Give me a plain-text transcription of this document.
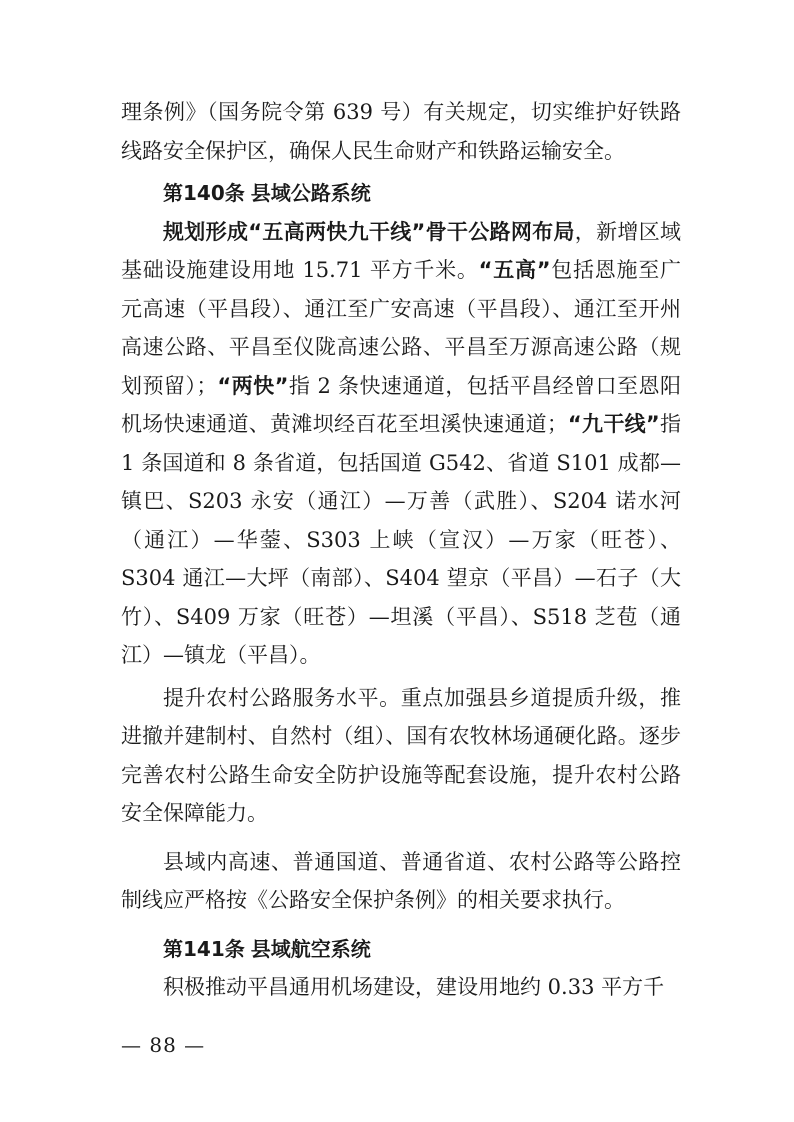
理条例》（国务院令第 639 号）有关规定，切实维护好铁路线路安全保护区，确保人民生命财产和铁路运输安全。

第140条 县域公路系统

规划形成“五高两快九干线”骨干公路网布局，新增区域基础设施建设用地 15.71 平方千米。“五高”包括恩施至广元高速（平昌段）、通江至广安高速（平昌段）、通江至开州高速公路、平昌至仪陇高速公路、平昌至万源高速公路（规划预留）；“两快”指 2 条快速通道，包括平昌经曾口至恩阳机场快速通道、黄滩坝经百花至坦溪快速通道；“九干线”指 1 条国道和 8 条省道，包括国道 G542、省道 S101 成都—镇巴、S203 永安（通江）—万善（武胜）、S204 诺水河（通江）—华蓥、S303 上峡（宣汉）—万家（旺苍）、S304 通江—大坪（南部）、S404 望京（平昌）—石子（大竹）、S409 万家（旺苍）—坦溪（平昌）、S518 芝苞（通江）—镇龙（平昌）。

提升农村公路服务水平。重点加强县乡道提质升级，推进撤并建制村、自然村（组）、国有农牧林场通硬化路。逐步完善农村公路生命安全防护设施等配套设施，提升农村公路安全保障能力。

县域内高速、普通国道、普通省道、农村公路等公路控制线应严格按《公路安全保护条例》的相关要求执行。

第141条 县域航空系统

积极推动平昌通用机场建设，建设用地约 0.33 平方千

— 88 —
